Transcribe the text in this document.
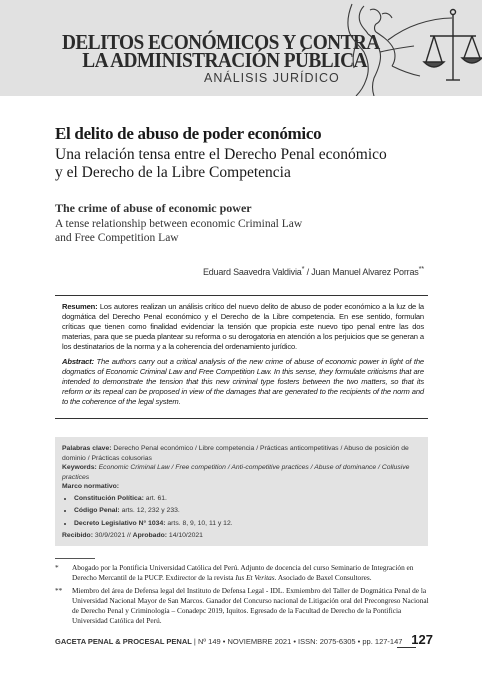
DELITOS ECONÓMICOS Y CONTRA
LA ADMINISTRACIÓN PÚBLICA
ANÁLISIS JURÍDICO
El delito de abuso de poder económico
Una relación tensa entre el Derecho Penal económico
y el Derecho de la Libre Competencia
The crime of abuse of economic power
A tense relationship between economic Criminal Law
and Free Competition Law
Eduard Saavedra Valdivia* / Juan Manuel Alvarez Porras**

Resumen: Los autores realizan un análisis crítico del nuevo delito de abuso de poder económico a la luz de la dogmática del Derecho Penal económico y el Derecho de la Libre competencia. En ese sentido, formulan críticas que tienen como finalidad evidenciar la tensión que propicia este nuevo tipo penal entre las dos materias, para que se pueda plantear su reforma o su derogatoria en atención a los perjuicios que se generan a los destinatarios de la norma y a la coherencia del ordenamiento jurídico.

Abstract: The authors carry out a critical analysis of the new crime of abuse of economic power in light of the dogmatics of Economic Criminal Law and Free Competition Law. In this sense, they formulate criticisms that are intended to demonstrate the tension that this new criminal type fosters between the two matters, so that its reform or its repeal can be proposed in view of the damages that are generated to the recipients of the norm and to the coherence of the legal system.

Palabras clave: Derecho Penal económico / Libre competencia / Prácticas anticompetitivas / Abuso de posición de dominio / Prácticas colusorias

Keywords: Economic Criminal Law / Free competition / Anti-competitive practices / Abuse of dominance / Collusive practices

Marco normativo:

• Constitución Política: art. 61.
• Código Penal: arts. 12, 232 y 233.
• Decreto Legislativo N° 1034: arts. 8, 9, 10, 11 y 12.

Recibido: 30/9/2021 // Aprobado: 14/10/2021

* Abogado por la Pontificia Universidad Católica del Perú. Adjunto de docencia del curso Seminario de Integración en Derecho Mercantil de la PUCP. Exdirector de la revista Ius Et Veritas. Asociado de Baxel Consultores.
** Miembro del área de Defensa legal del Instituto de Defensa Legal - IDL. Exmiembro del Taller de Dogmática Penal de la Universidad Nacional Mayor de San Marcos. Ganador del Concurso nacional de Litigación oral del Precongreso Nacional de Derecho Penal y Criminología – Conadepc 2019, Iquitos. Egresado de la Facultad de Derecho de la Pontificia Universidad Católica del Perú.
GACETA PENAL & PROCESAL PENAL | Nº 149 • NOVIEMBRE 2021 • ISSN: 2075-6305 • pp. 127-147 127
